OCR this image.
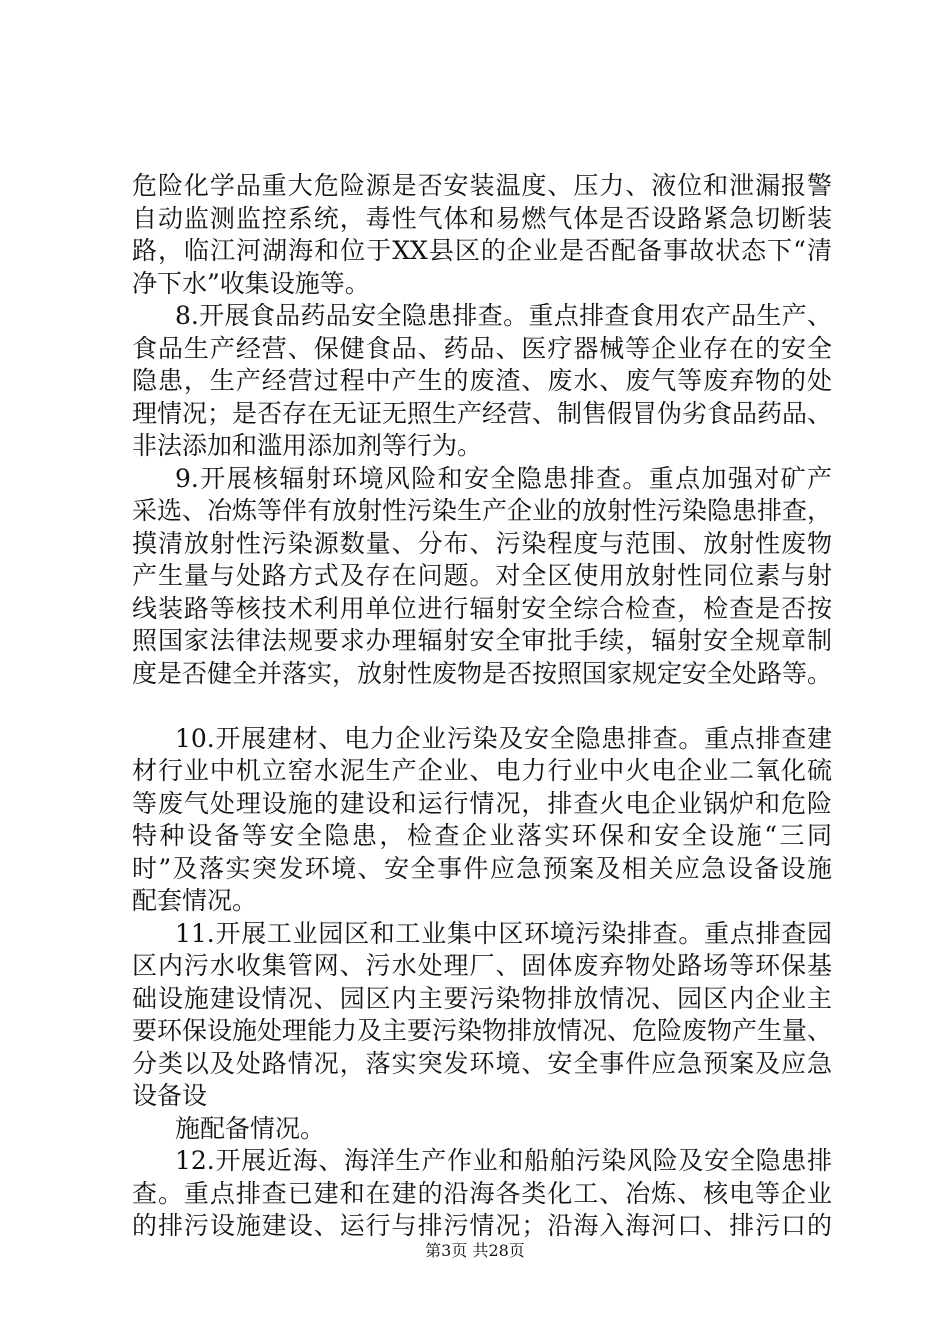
危险化学品重大危险源是否安装温度、压力、液位和泄漏报警
自动监测监控系统，毒性气体和易燃气体是否设路紧急切断装
路，临江河湖海和位于XX县区的企业是否配备事故状态下“清
净下水”收集设施等。
8.开展食品药品安全隐患排查。重点排查食用农产品生产、
食品生产经营、保健食品、药品、医疗器械等企业存在的安全
隐患，生产经营过程中产生的废渣、废水、废气等废弃物的处
理情况；是否存在无证无照生产经营、制售假冒伪劣食品药品、
非法添加和滥用添加剂等行为。
9.开展核辐射环境风险和安全隐患排查。重点加强对矿产
采选、冶炼等伴有放射性污染生产企业的放射性污染隐患排查，
摸清放射性污染源数量、分布、污染程度与范围、放射性废物
产生量与处路方式及存在问题。对全区使用放射性同位素与射
线装路等核技术利用单位进行辐射安全综合检查，检查是否按
照国家法律法规要求办理辐射安全审批手续，辐射安全规章制
度是否健全并落实，放射性废物是否按照国家规定安全处路等。
10.开展建材、电力企业污染及安全隐患排查。重点排查建
材行业中机立窑水泥生产企业、电力行业中火电企业二氧化硫
等废气处理设施的建设和运行情况，排查火电企业锅炉和危险
特种设备等安全隐患，检查企业落实环保和安全设施“三同
时”及落实突发环境、安全事件应急预案及相关应急设备设施
配套情况。
11.开展工业园区和工业集中区环境污染排查。重点排查园
区内污水收集管网、污水处理厂、固体废弃物处路场等环保基
础设施建设情况、园区内主要污染物排放情况、园区内企业主
要环保设施处理能力及主要污染物排放情况、危险废物产生量、
分类以及处路情况，落实突发环境、安全事件应急预案及应急
设备设
施配备情况。
12.开展近海、海洋生产作业和船舶污染风险及安全隐患排
查。重点排查已建和在建的沿海各类化工、冶炼、核电等企业
的排污设施建设、运行与排污情况；沿海入海河口、排污口的
第3页 共28页
